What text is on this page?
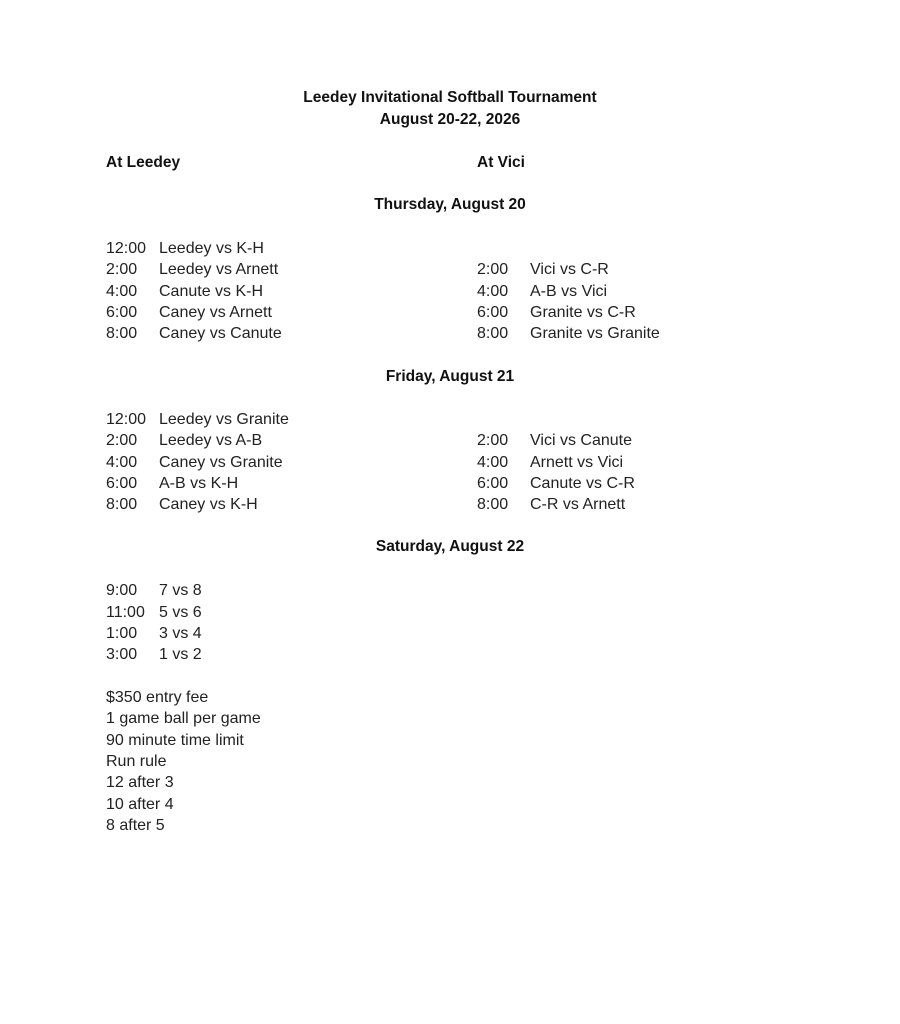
Leedey Invitational Softball Tournament
August 20-22, 2026
At Leedey	At Vici
Thursday, August 20
12:00 Leedey vs K-H
2:00 Leedey vs Arnett
4:00 Canute vs K-H
6:00 Caney vs Arnett
8:00 Caney vs Canute
2:00 Vici vs C-R
4:00 A-B vs Vici
6:00 Granite vs C-R
8:00 Granite vs Granite
Friday, August 21
12:00 Leedey vs Granite
2:00 Leedey vs A-B
4:00 Caney vs Granite
6:00 A-B vs K-H
8:00 Caney vs K-H
2:00 Vici vs Canute
4:00 Arnett vs Vici
6:00 Canute vs C-R
8:00 C-R vs Arnett
Saturday, August 22
9:00 7 vs 8
11:00 5 vs 6
1:00 3 vs 4
3:00 1 vs 2
$350 entry fee
1 game ball per game
90 minute time limit
Run rule
12 after 3
10 after 4
8 after 5
